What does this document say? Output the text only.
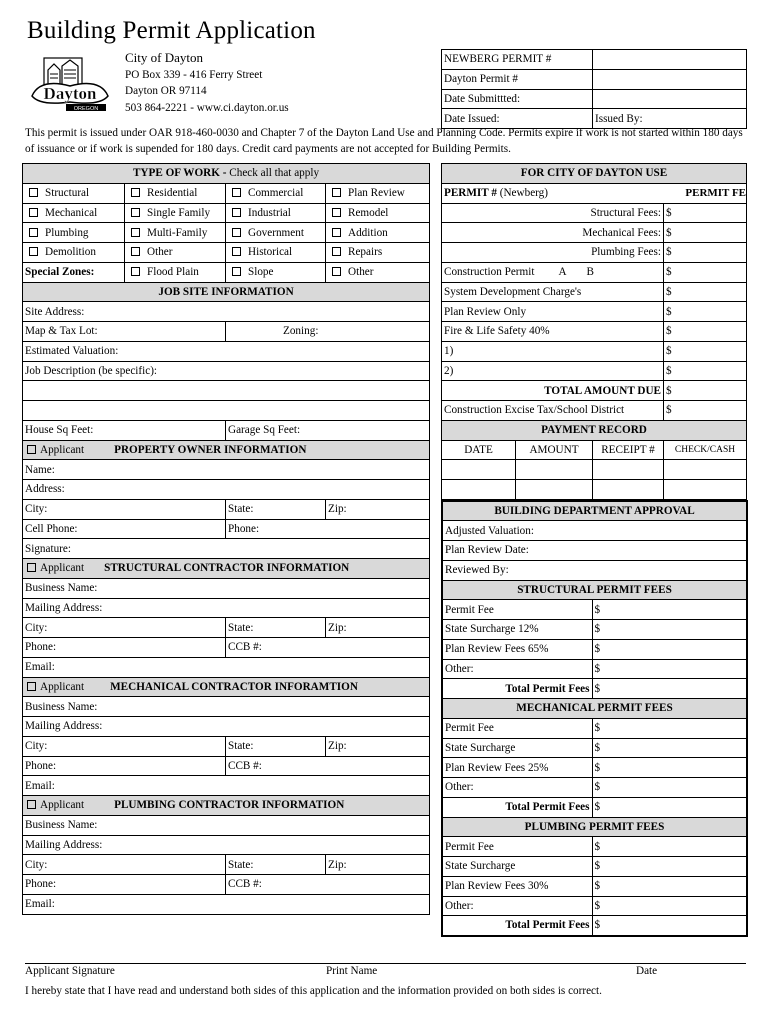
Building Permit Application
Dayton
OREGON
City of Dayton
PO Box 339 - 416 Ferry Street
Dayton OR 97114
503 864-2221 - www.ci.dayton.or.us
NEWBERG PERMIT #	
Dayton Permit #	
Date Submittted:	
Date Issued:	Issued By:
This permit is issued under OAR 918-460-0030 and Chapter 7 of the Dayton Land Use and Planning Code. Permits expire if work is not started within 180 days of issuance or if work is supended for 180 days. Credit card payments are not accepted for Building Permits.
TYPE OF WORK - Check all that apply			
Structural	Residential	Commercial	Plan Review
Mechanical	Single Family	Industrial	Remodel
Plumbing	Multi-Family	Government	Addition
Demolition	Other	Historical	Repairs
Special Zones:	Flood Plain	Slope	Other
JOB SITE INFORMATION			
Site Address:			
Map & Tax Lot:		Zoning:	
Estimated Valuation:			
Job Description (be specific):			

House Sq Feet:		Garage Sq Feet:	
Applicant PROPERTY OWNER INFORMATION			
Name:			
Address:			
City:		State:	Zip:
Cell Phone:		Phone:	
Signature:			
Applicant STRUCTURAL CONTRACTOR INFORMATION			
Business Name:			
Mailing Address:			
City:		State:	Zip:
Phone:		CCB #:	
Email:			
Applicant MECHANICAL CONTRACTOR INFORAMTION			
Business Name:			
Mailing Address:			
City:		State:	Zip:
Phone:		CCB #:	
Email:			
Applicant PLUMBING CONTRACTOR INFORMATION			
Business Name:			
Mailing Address:			
City:		State:	Zip:
Phone:		CCB #:	
Email:			
FOR CITY OF DAYTON USE			
PERMIT # (Newberg)			PERMIT FE
Structural Fees:			$
Mechanical Fees:			$
Plumbing Fees:			$
Construction Permit A B			$
System Development Charge's			$
Plan Review Only			$
Fire & Life Safety 40%			$
1)			$
2)			$
TOTAL AMOUNT DUE			$
Construction Excise Tax/School District			$
PAYMENT RECORD			
DATE	AMOUNT	RECEIPT #	CHECK/CASH

BUILDING DEPARTMENT APPROVAL	
Adjusted Valuation:	
Plan Review Date:	
Reviewed By:	
STRUCTURAL PERMIT FEES	
Permit Fee	$
State Surcharge 12%	$
Plan Review Fees 65%	$
Other:	$
Total Permit Fees	$
MECHANICAL PERMIT FEES	
Permit Fee	$
State Surcharge	$
Plan Review Fees 25%	$
Other:	$
Total Permit Fees	$
PLUMBING PERMIT FEES	
Permit Fee	$
State Surcharge	$
Plan Review Fees 30%	$
Other:	$
Total Permit Fees	$
Applicant Signature	Print Name	Date
I hereby state that I have read and understand both sides of this application and the information provided on both sides is correct.
